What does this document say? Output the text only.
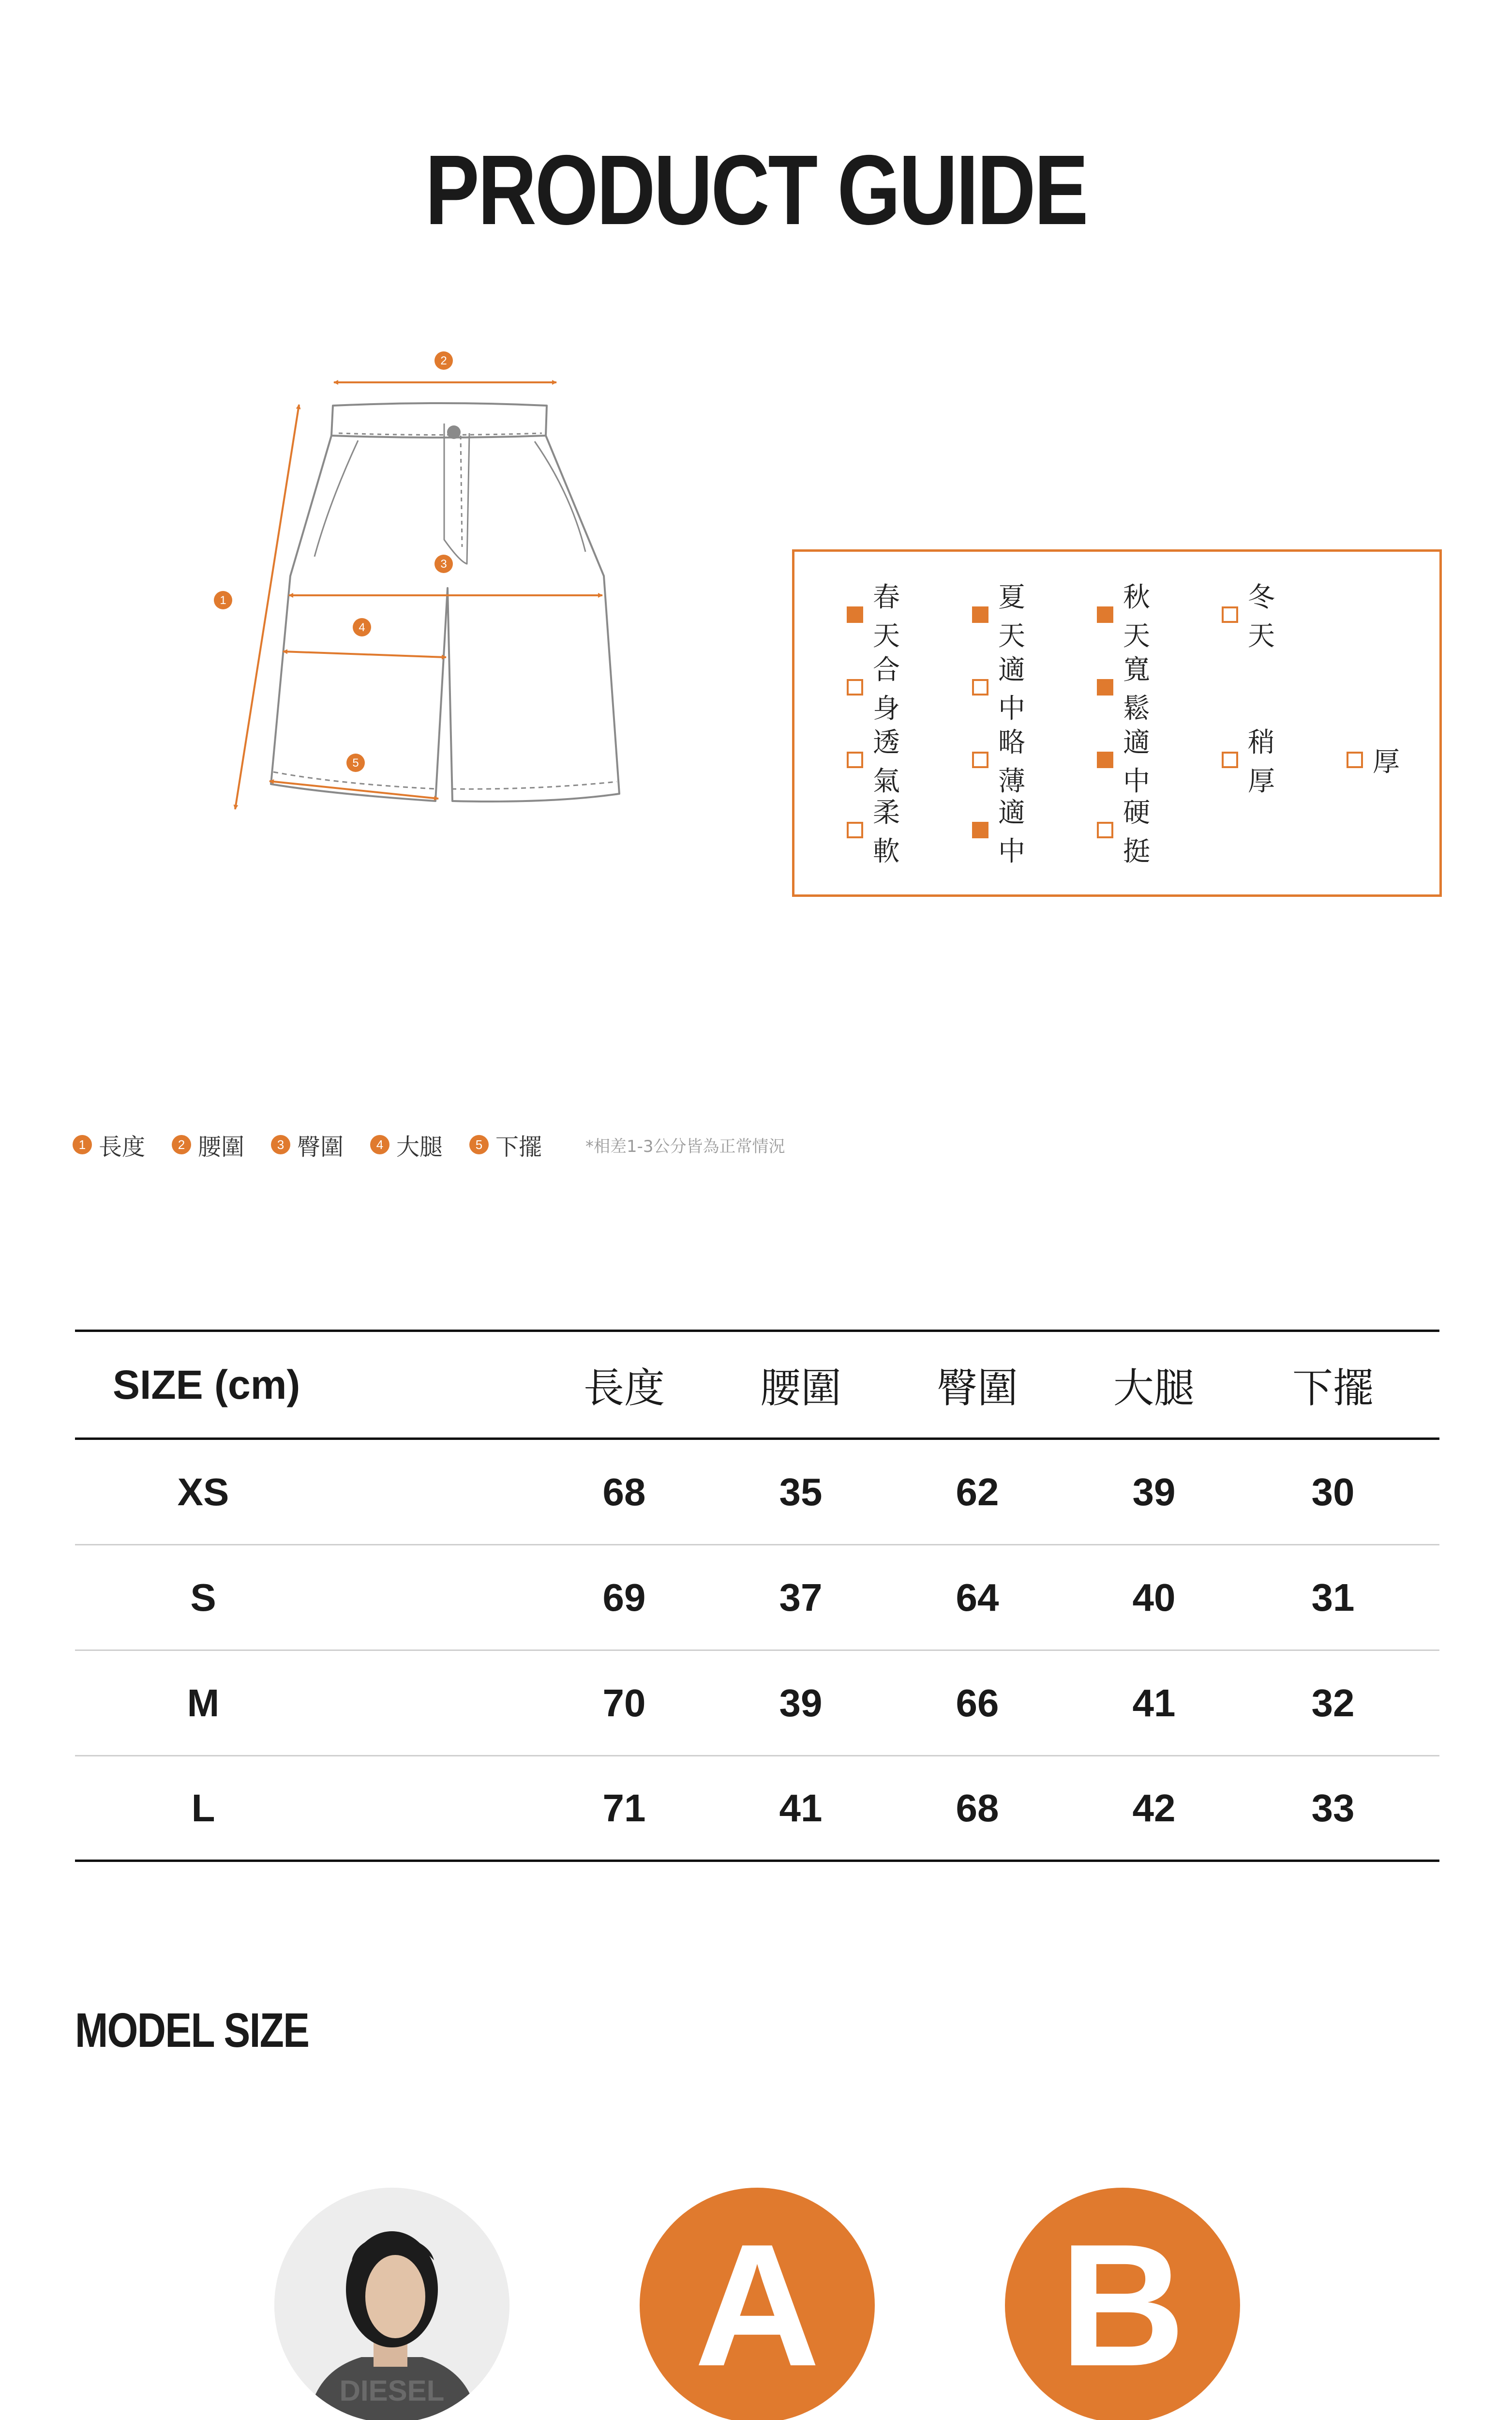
PRODUCT GUIDE
1
2
3
4
5
春天
夏天
秋天
冬天
合身
適中
寬鬆
透氣
略薄
適中
稍厚
厚
柔軟
適中
硬挺
1 長度	2 腰圍	3 臀圍	4 大腿	5 下擺	*相差1-3公分皆為正常情況
SIZE (cm)	長度	腰圍	臀圍	大腿	下擺
XS	68	35	62	39	30
S	69	37	64	40	31
M	70	39	66	41	32
L	71	41	68	42	33
MODEL SIZE
DIESEL	A	B
